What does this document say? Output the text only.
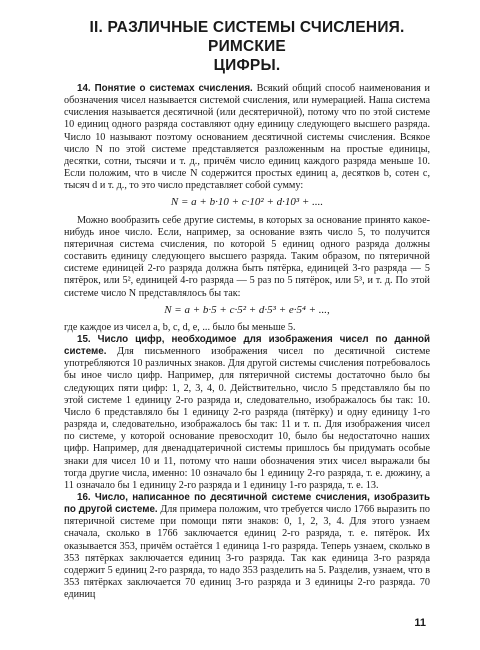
II. РАЗЛИЧНЫЕ СИСТЕМЫ СЧИСЛЕНИЯ. РИМСКИЕ
ЦИФРЫ.

14. Понятие о системах счисления. Всякий общий способ наименования и обозначения чисел называется системой счисления, или нумерацией. Наша система счисления называется десятичной (или десятеричной), потому что по этой системе 10 единиц одного разряда составляют одну единицу следующего высшего разряда. Число 10 называют поэтому основанием десятичной системы счисления. Всякое число N по этой системе представляется разложенным на простые единицы, десятки, сотни, тысячи и т. д., причём число единиц каждого разряда меньше 10. Если положим, что в числе N содержится простых единиц a, десятков b, сотен c, тысяч d и т. д., то это число представляет собой сумму:

N = a + b·10 + c·10² + d·10³ + ....

Можно вообразить себе другие системы, в которых за основание принято какое-нибудь иное число. Если, например, за основание взять число 5, то получится пятеричная система счисления, по которой 5 единиц одного разряда должны составить единицу следующего высшего разряда. Таким образом, по пятеричной системе единицей 2-го разряда должна быть пятёрка, единицей 3-го разряда — 5 пятёрок, или 5², единицей 4-го разряда — 5 раз по 5 пятёрок, или 5³, и т. д. По этой системе число N представлялось бы так:

N = a + b·5 + c·5² + d·5³ + e·5⁴ + ...,

где каждое из чисел a, b, c, d, e, ... было бы меньше 5.

15. Число цифр, необходимое для изображения чисел по данной системе. Для письменного изображения чисел по десятичной системе употребляются 10 различных знаков. Для другой системы счисления потребовалось бы иное число цифр. Например, для пятеричной системы достаточно было бы следующих пяти цифр: 1, 2, 3, 4, 0. Действительно, число 5 представляло бы по этой системе 1 единицу 2-го разряда и, следовательно, изображалось бы так: 10. Число 6 представляло бы 1 единицу 2-го разряда (пятёрку) и одну единицу 1-го разряда и, следовательно, изображалось бы так: 11 и т. п. Для изображения чисел по системе, у которой основание превосходит 10, было бы недостаточно наших цифр. Например, для двенадцатеричной системы пришлось бы придумать особые знаки для чисел 10 и 11, потому что наши обозначения этих чисел выражали бы тогда другие числа, именно: 10 означало бы 1 единицу 2-го разряда, т. е. дюжину, а 11 означало бы 1 единицу 2-го разряда и 1 единицу 1-го разряда, т. е. 13.

16. Число, написанное по десятичной системе счисления, изобразить по другой системе. Для примера положим, что требуется число 1766 выразить по пятеричной системе при помощи пяти знаков: 0, 1, 2, 3, 4. Для этого узнаем сначала, сколько в 1766 заключается единиц 2-го разряда, т. е. пятёрок. Их оказывается 353, причём остаётся 1 единица 1-го разряда. Теперь узнаем, сколько в 353 пятёрках заключается единиц 3-го разряда. Так как единица 3-го разряда содержит 5 единиц 2-го разряда, то надо 353 разделить на 5. Разделив, узнаем, что в 353 пятёрках заключается 70 единиц 3-го разряда и 3 единицы 2-го разряда. 70 единиц

11
